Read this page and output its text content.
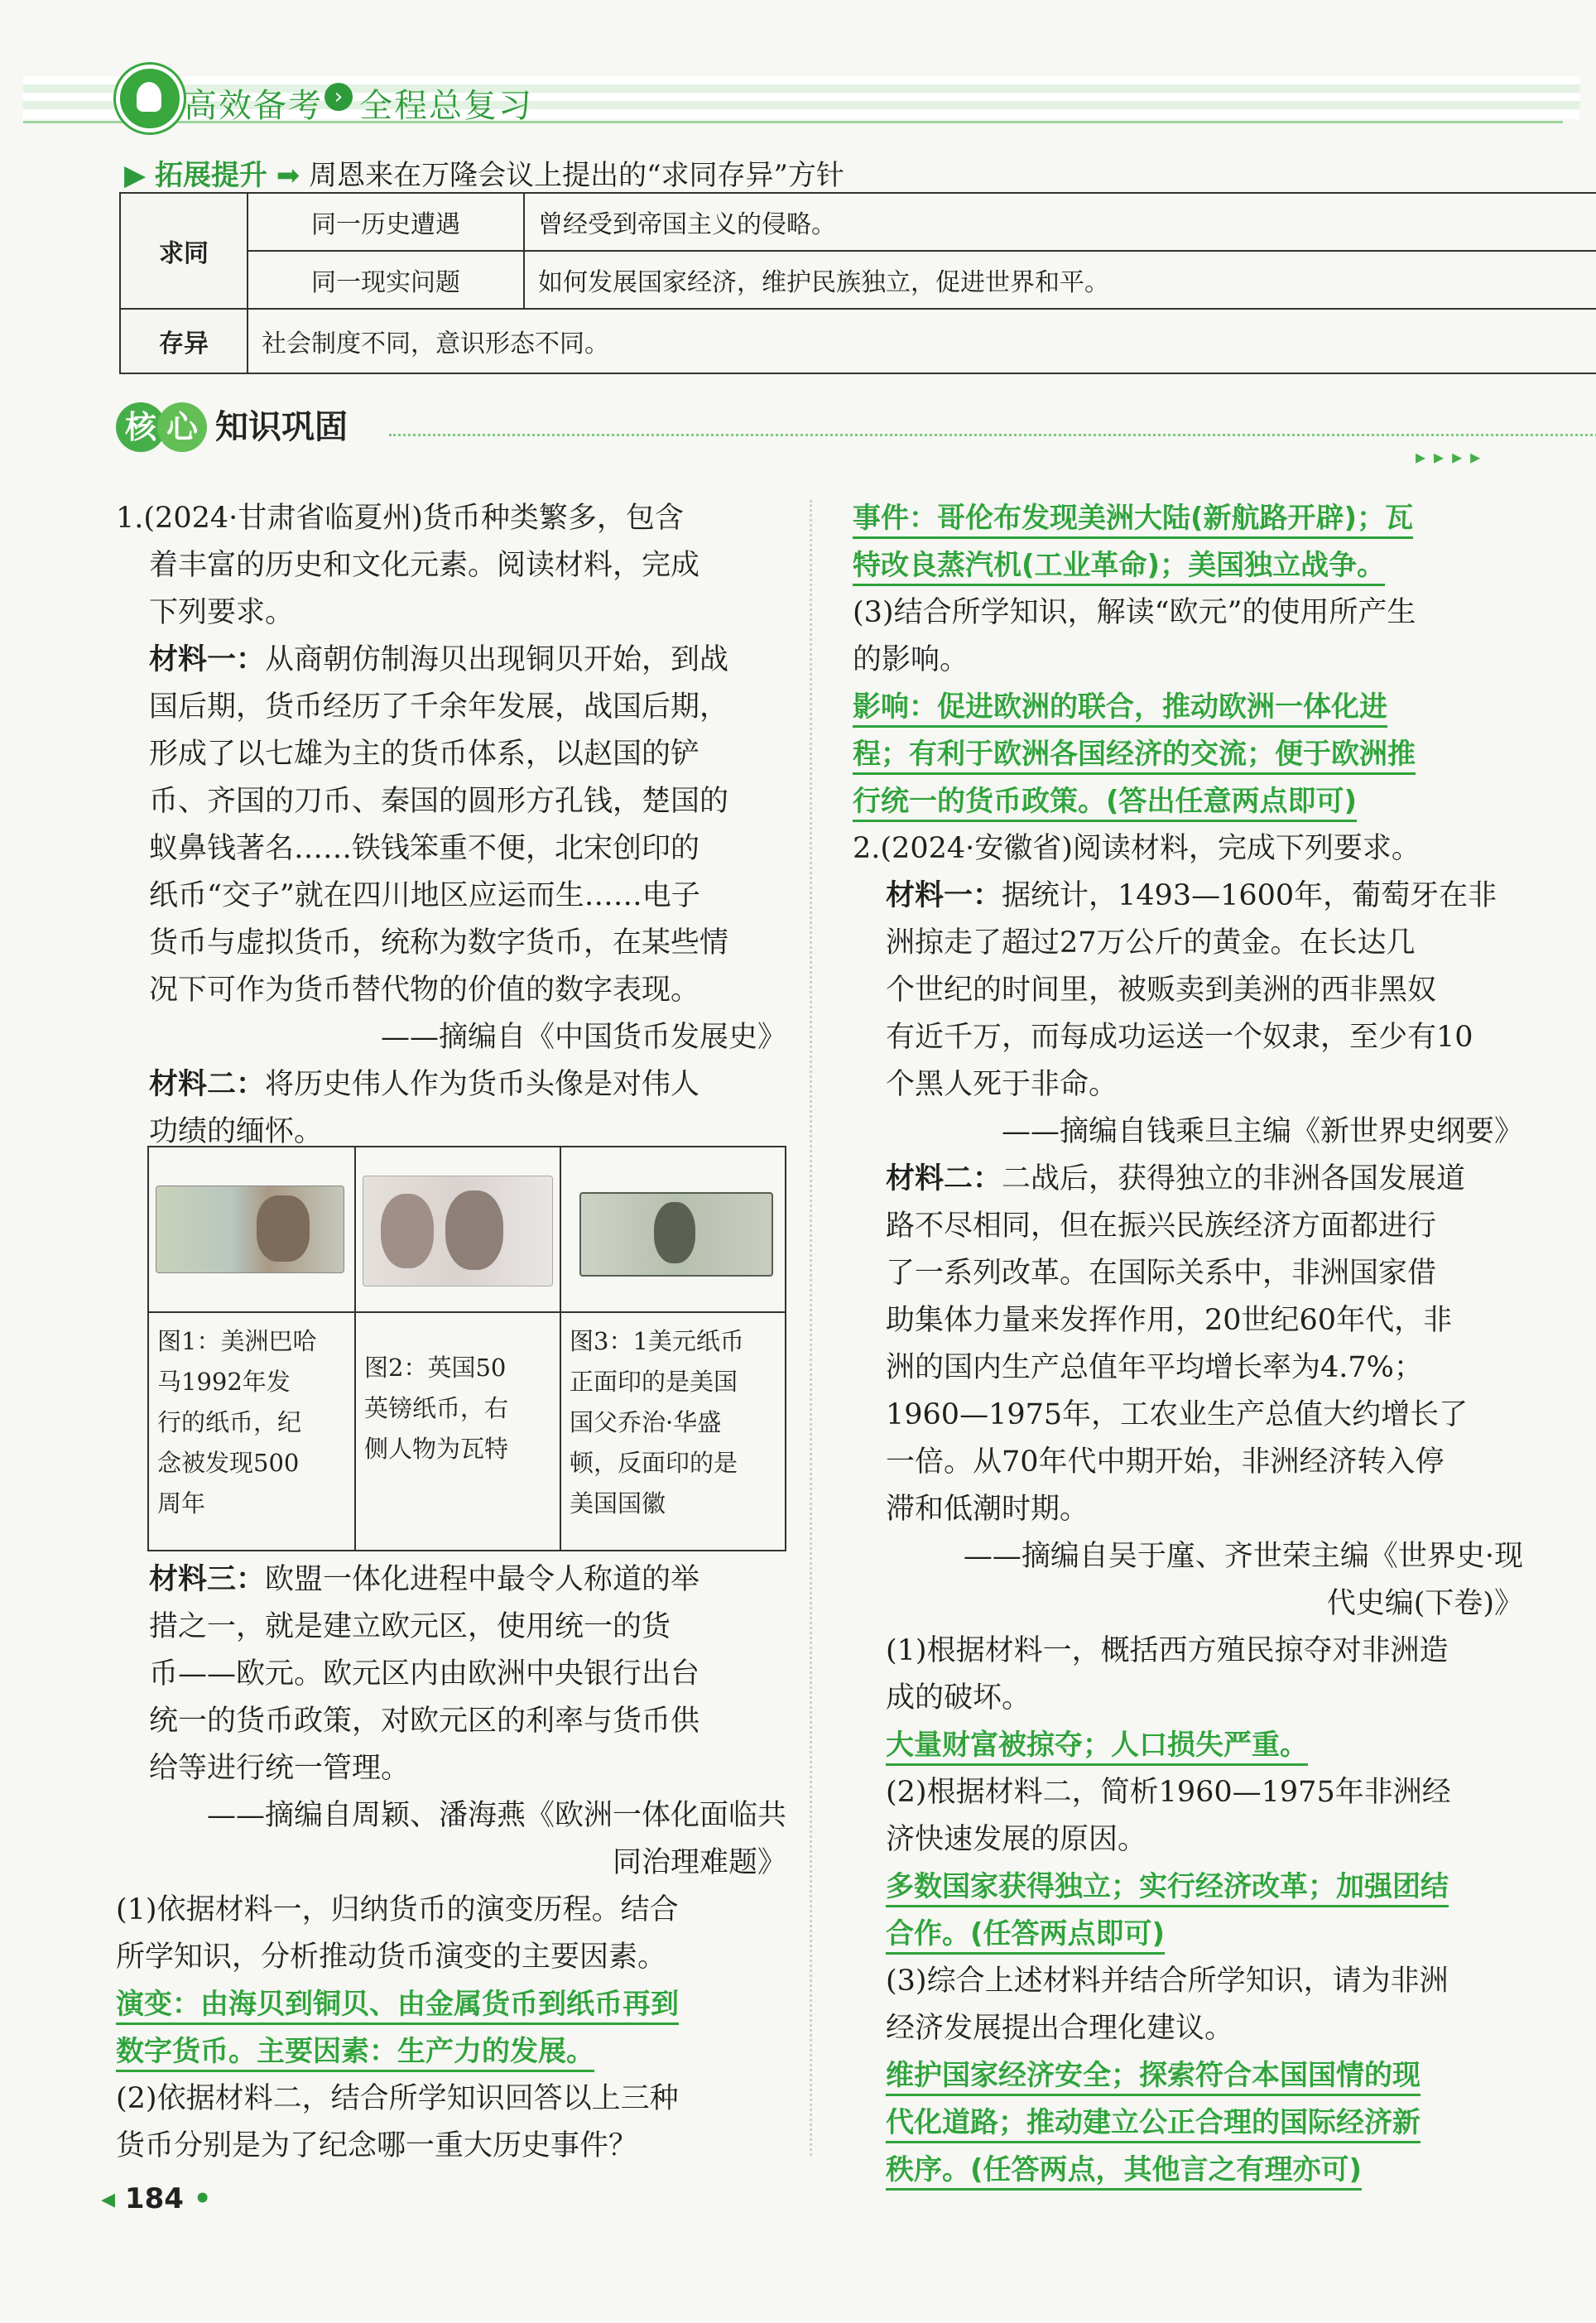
高效备考 › 全程总复习
▶ 拓展提升 ➡ 周恩来在万隆会议上提出的“求同存异”方针
求同	同一历史遭遇	曾经受到帝国主义的侵略。
	同一现实问题	如何发展国家经济，维护民族独立，促进世界和平。
存异	社会制度不同，意识形态不同。	
核 心 知识巩固
▸▸▸▸

1.(2024·甘肃省临夏州)货币种类繁多，包含

着丰富的历史和文化元素。阅读材料，完成

下列要求。

材料一：从商朝仿制海贝出现铜贝开始，到战

国后期，货币经历了千余年发展，战国后期，

形成了以七雄为主的货币体系，以赵国的铲

币、齐国的刀币、秦国的圆形方孔钱，楚国的

蚁鼻钱著名……铁钱笨重不便，北宋创印的

纸币“交子”就在四川地区应运而生……电子

货币与虚拟货币，统称为数字货币，在某些情

况下可作为货币替代物的价值的数字表现。

——摘编自《中国货币发展史》

材料二：将历史伟人作为货币头像是对伟人

功绩的缅怀。

图1：美洲巴哈
马1992年发
行的纸币，纪
念被发现500
周年
图2：英国50
英镑纸币，右
侧人物为瓦特
图3：1美元纸币
正面印的是美国
国父乔治·华盛
顿，反面印的是
美国国徽

材料三：欧盟一体化进程中最令人称道的举

措之一，就是建立欧元区，使用统一的货

币——欧元。欧元区内由欧洲中央银行出台

统一的货币政策，对欧元区的利率与货币供

给等进行统一管理。

——摘编自周颖、潘海燕《欧洲一体化面临共

同治理难题》

(1)依据材料一，归纳货币的演变历程。结合

所学知识，分析推动货币演变的主要因素。

演变：由海贝到铜贝、由金属货币到纸币再到

数字货币。主要因素：生产力的发展。

(2)依据材料二，结合所学知识回答以上三种

货币分别是为了纪念哪一重大历史事件？

事件：哥伦布发现美洲大陆(新航路开辟)；瓦

特改良蒸汽机(工业革命)；美国独立战争。

(3)结合所学知识，解读“欧元”的使用所产生

的影响。

影响：促进欧洲的联合，推动欧洲一体化进

程；有利于欧洲各国经济的交流；便于欧洲推

行统一的货币政策。(答出任意两点即可)

2.(2024·安徽省)阅读材料，完成下列要求。

材料一：据统计，1493—1600年，葡萄牙在非

洲掠走了超过27万公斤的黄金。在长达几

个世纪的时间里，被贩卖到美洲的西非黑奴

有近千万，而每成功运送一个奴隶，至少有10

个黑人死于非命。

——摘编自钱乘旦主编《新世界史纲要》

材料二：二战后，获得独立的非洲各国发展道

路不尽相同，但在振兴民族经济方面都进行

了一系列改革。在国际关系中，非洲国家借

助集体力量来发挥作用，20世纪60年代，非

洲的国内生产总值年平均增长率为4.7%；

1960—1975年，工农业生产总值大约增长了

一倍。从70年代中期开始，非洲经济转入停

滞和低潮时期。

——摘编自吴于廑、齐世荣主编《世界史·现

代史编(下卷)》

(1)根据材料一，概括西方殖民掠夺对非洲造

成的破坏。

大量财富被掠夺；人口损失严重。

(2)根据材料二，简析1960—1975年非洲经

济快速发展的原因。

多数国家获得独立；实行经济改革；加强团结

合作。(任答两点即可)

(3)综合上述材料并结合所学知识，请为非洲

经济发展提出合理化建议。

维护国家经济安全；探索符合本国国情的现

代化道路；推动建立公正合理的国际经济新

秩序。(任答两点，其他言之有理亦可)

◂ 184 •
